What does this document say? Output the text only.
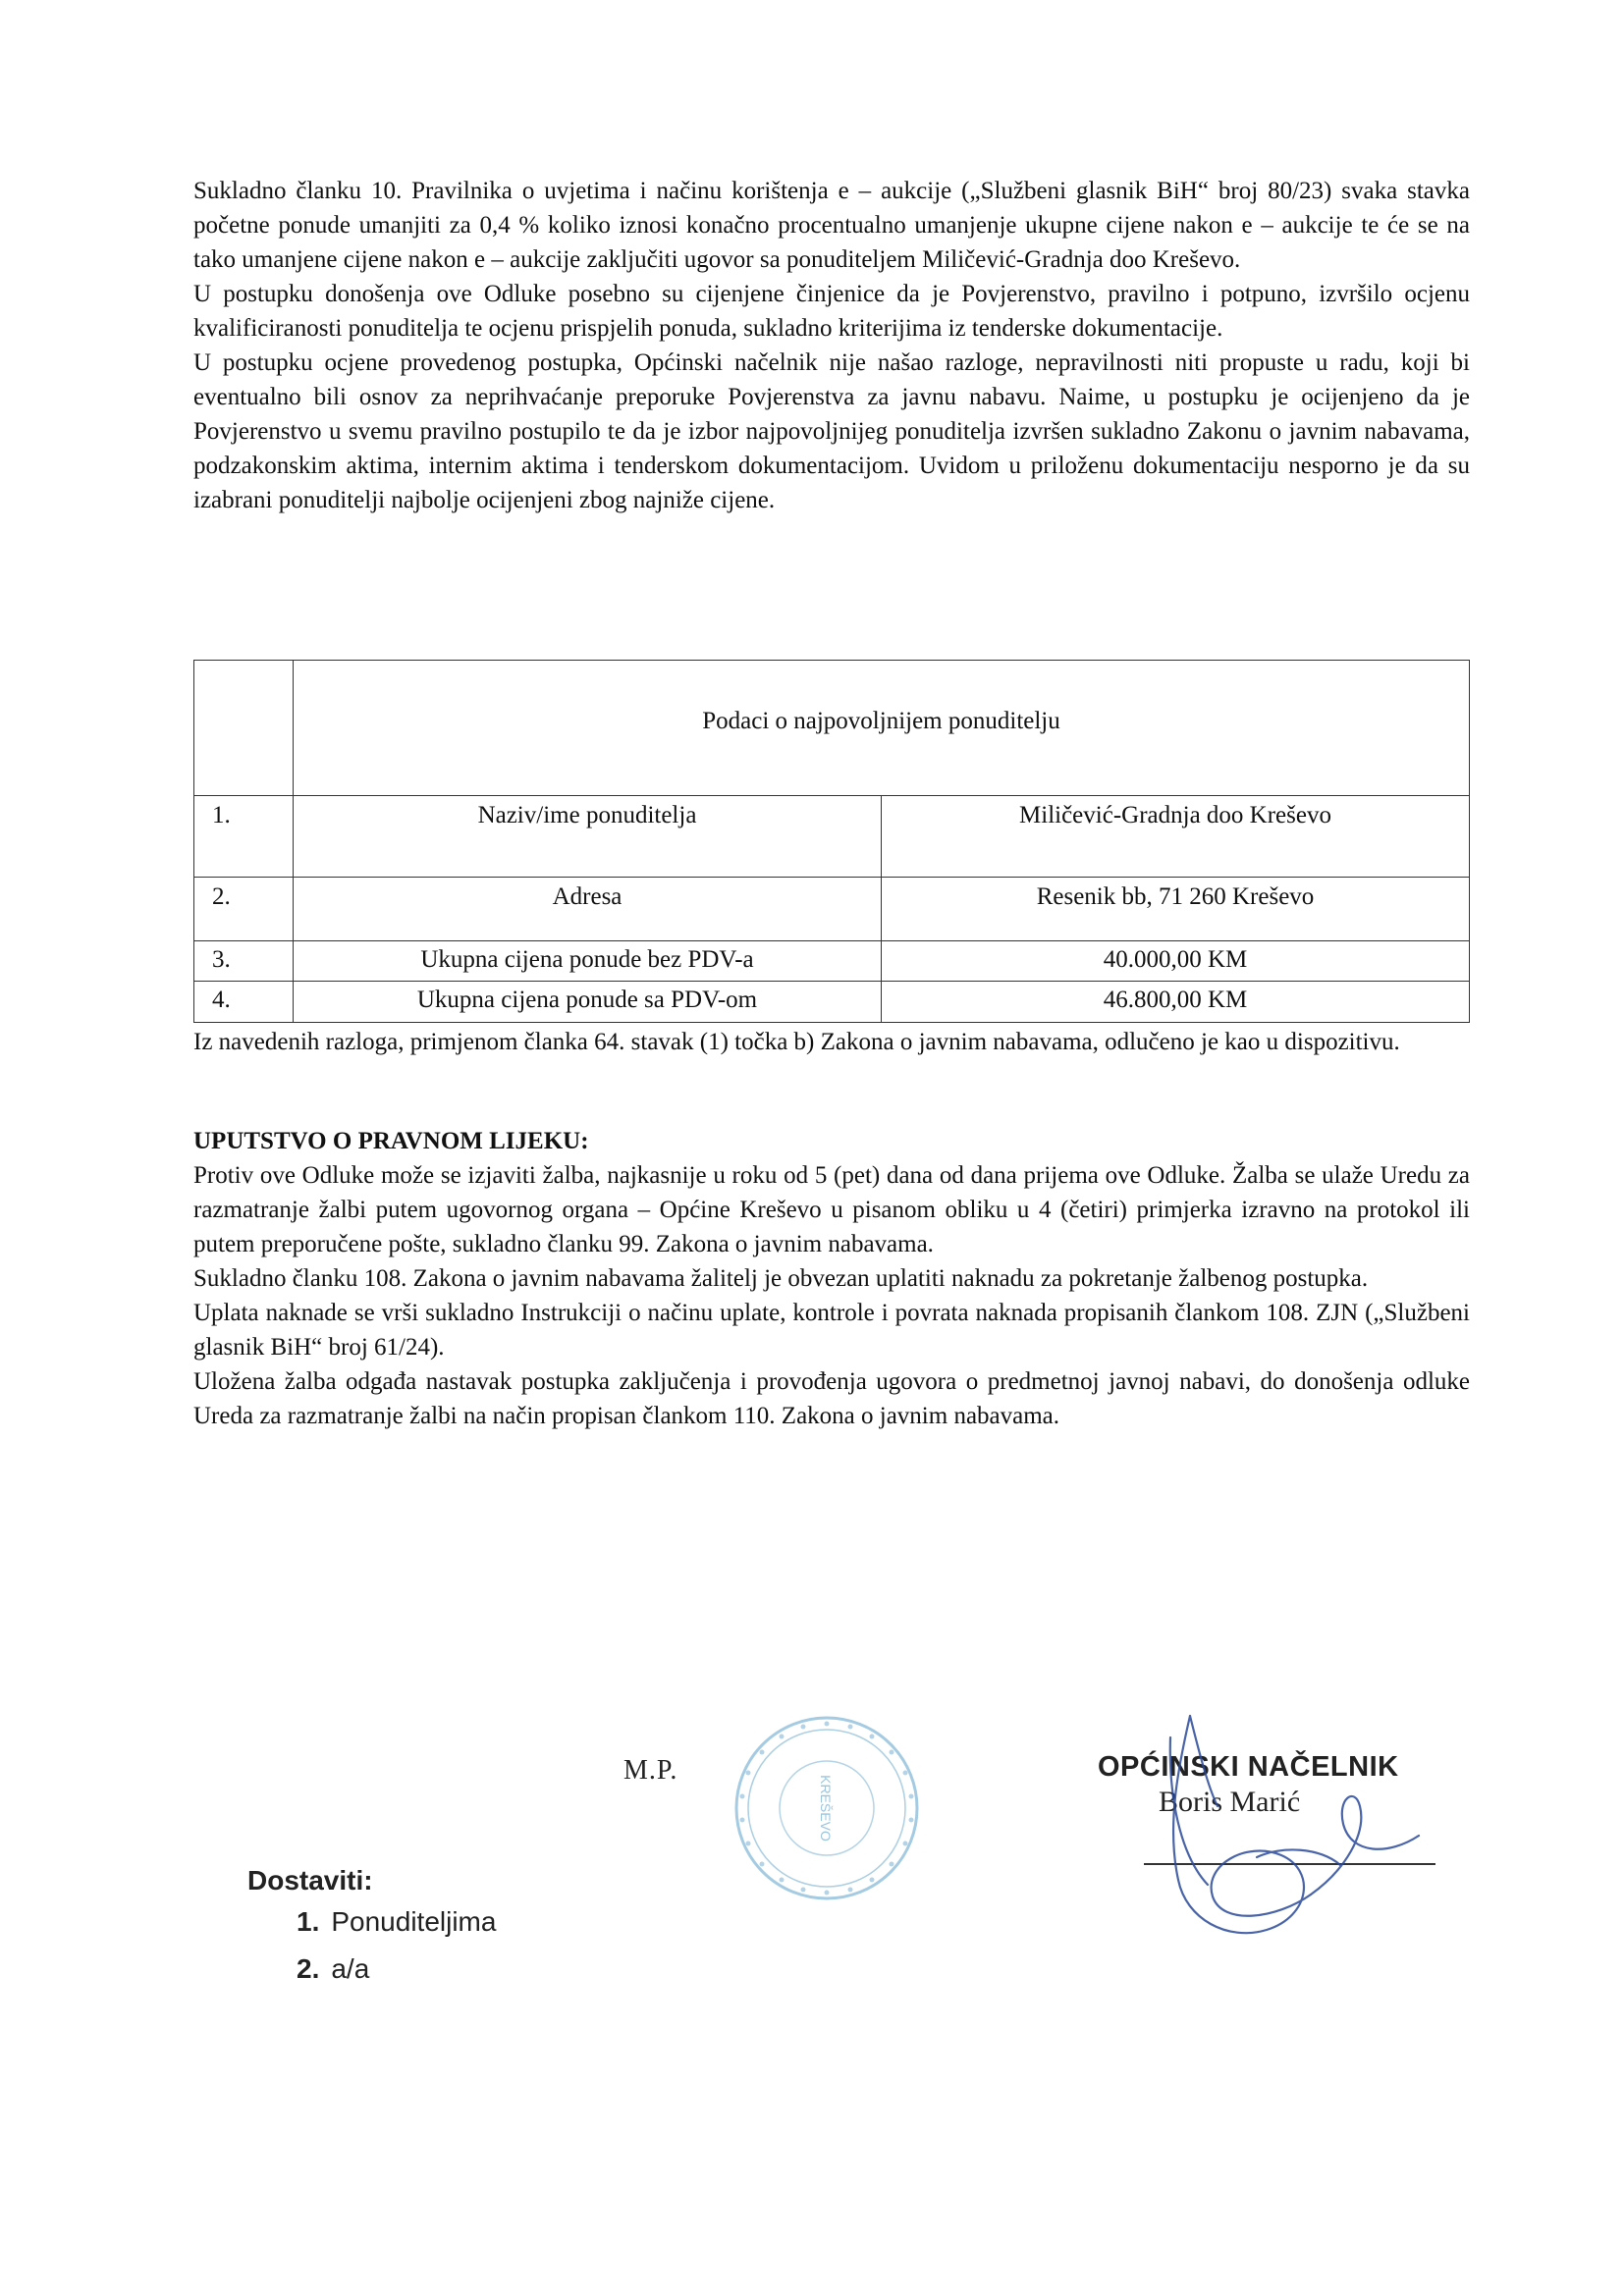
Sukladno članku 10. Pravilnika o uvjetima i načinu korištenja e – aukcije („Službeni glasnik BiH“ broj 80/23) svaka stavka početne ponude umanjiti za 0,4 % koliko iznosi konačno procentualno umanjenje ukupne cijene nakon e – aukcije te će se na tako umanjene cijene nakon e – aukcije zaključiti ugovor sa ponuditeljem Miličević-Gradnja doo Kreševo.

U postupku donošenja ove Odluke posebno su cijenjene činjenice da je Povjerenstvo, pravilno i potpuno, izvršilo ocjenu kvalificiranosti ponuditelja te ocjenu prispjelih ponuda, sukladno kriterijima iz tenderske dokumentacije.

U postupku ocjene provedenog postupka, Općinski načelnik nije našao razloge, nepravilnosti niti propuste u radu, koji bi eventualno bili osnov za neprihvaćanje preporuke Povjerenstva za javnu nabavu. Naime, u postupku je ocijenjeno da je Povjerenstvo u svemu pravilno postupilo te da je izbor najpovoljnijeg ponuditelja izvršen sukladno Zakonu o javnim nabavama, podzakonskim aktima, internim aktima i tenderskom dokumentacijom. Uvidom u priloženu dokumentaciju nesporno je da su izabrani ponuditelji najbolje ocijenjeni zbog najniže cijene.

	Podaci o najpovoljnijem ponuditelju	
1.	Naziv/ime ponuditelja	Miličević-Gradnja doo Kreševo
2.	Adresa	Resenik bb, 71 260 Kreševo
3.	Ukupna cijena ponude bez PDV-a	40.000,00 KM
4.	Ukupna cijena ponude sa PDV-om	46.800,00 KM

Iz navedenih razloga, primjenom članka 64. stavak (1) točka b) Zakona o javnim nabavama, odlučeno je kao u dispozitivu.

UPUTSTVO O PRAVNOM LIJEKU:

Protiv ove Odluke može se izjaviti žalba, najkasnije u roku od 5 (pet) dana od dana prijema ove Odluke. Žalba se ulaže Uredu za razmatranje žalbi putem ugovornog organa – Općine Kreševo u pisanom obliku u 4 (četiri) primjerka izravno na protokol ili putem preporučene pošte, sukladno članku 99. Zakona o javnim nabavama.

Sukladno članku 108. Zakona o javnim nabavama žalitelj je obvezan uplatiti naknadu za pokretanje žalbenog postupka.

Uplata naknade se vrši sukladno Instrukciji o načinu uplate, kontrole i povrata naknada propisanih člankom 108. ZJN („Službeni glasnik BiH“ broj 61/24).

Uložena žalba odgađa nastavak postupka zaključenja i provođenja ugovora o predmetnoj javnoj nabavi, do donošenja odluke Ureda za razmatranje žalbi na način propisan člankom 110. Zakona o javnim nabavama.

M.P.
KREŠEVO
OPĆINSKI NAČELNIK
Boris Marić

Dostaviti:

1. Ponuditeljima
2. a/a
